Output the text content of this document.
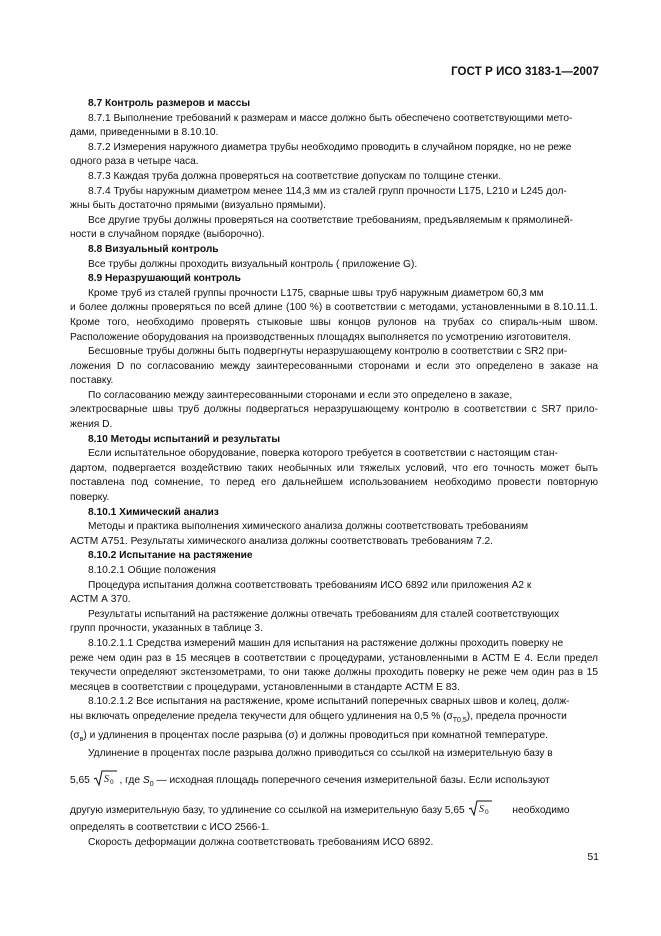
ГОСТ Р ИСО 3183-1—2007
8.7 Контроль размеров и массы
8.7.1 Выполнение требований к размерам и массе должно быть обеспечено соответствующими мето-
дами, приведенными в 8.10.10.
8.7.2 Измерения наружного диаметра трубы необходимо проводить в случайном порядке, но не реже
одного раза в четыре часа.
8.7.3 Каждая труба должна проверяться на соответствие допускам по толщине стенки.
8.7.4 Трубы наружным диаметром менее 114,3 мм из сталей групп прочности L175, L210 и L245 дол-
жны быть достаточно прямыми (визуально прямыми).
Все другие трубы должны проверяться на соответствие требованиям, предъявляемым к прямолиней-
ности в случайном порядке (выборочно).
8.8 Визуальный контроль
Все трубы должны проходить визуальный контроль ( приложение G).
8.9 Неразрушающий контроль
Кроме труб из сталей группы прочности L175, сварные швы труб наружным диаметром 60,3 мм
и более должны проверяться по всей длине (100 %) в соответствии с методами, установленными в 8.10.11.1. Кроме того, необходимо проверять стыковые швы концов рулонов на трубах со спираль-ным швом. Расположение оборудования на производственных площадях выполняется по усмотрению изготовителя.
Бесшовные трубы должны быть подвергнуты неразрушающему контролю в соответствии с SR2 при-
ложения D по согласованию между заинтересованными сторонами и если это определено в заказе на поставку.
По согласованию между заинтересованными сторонами и если это определено в заказе,
электросварные швы труб должны подвергаться неразрушающему контролю в соответствии с SR7 прило-жения D.
8.10 Методы испытаний и результаты
Если испытательное оборудование, поверка которого требуется в соответствии с настоящим стан-
дартом, подвергается воздействию таких необычных или тяжелых условий, что его точность может быть поставлена под сомнение, то перед его дальнейшем использованием необходимо провести повторную поверку.
8.10.1 Химический анализ
Методы и практика выполнения химического анализа должны соответствовать требованиям
АСТМ А751. Результаты химического анализа должны соответствовать требованиям 7.2.
8.10.2 Испытание на растяжение
8.10.2.1 Общие положения
Процедура испытания должна соответствовать требованиям ИСО 6892 или приложения А2 к
АСТМ А 370.
Результаты испытаний на растяжение должны отвечать требованиям для сталей соответствующих
групп прочности, указанных в таблице 3.
8.10.2.1.1 Средства измерений машин для испытания на растяжение должны проходить поверку не
реже чем один раз в 15 месяцев в соответствии с процедурами, установленными в АСТМ Е 4. Если предел текучести определяют экстензометрами, то они также должны проходить поверку не реже чем один раз в 15 месяцев в соответствии с процедурами, установленными в стандарте АСТМ Е 83.

8.10.2.1.2 Все испытания на растяжение, кроме испытаний поперечных сварных швов и колец, долж-
ны включать определение предела текучести для общего удлинения на 0,5 % $(\sigma_{T0,5})$, предела прочности
$(\sigma_в)$ и удлинения в процентах после разрыва (σ) и должны проводиться при комнатной температуре.

Удлинение в процентах после разрыва должно приводиться со ссылкой на измерительную базу в
5,65 S 0 , где $S_0$ — исходная площадь поперечного сечения измерительной базы. Если используют
другую измерительную базу, то удлинение со ссылкой на измерительную базу 5,65 S 0 необходимо
определять в соответствии с ИСО 2566-1.
Скорость деформации должна соответствовать требованиям ИСО 6892.
51
